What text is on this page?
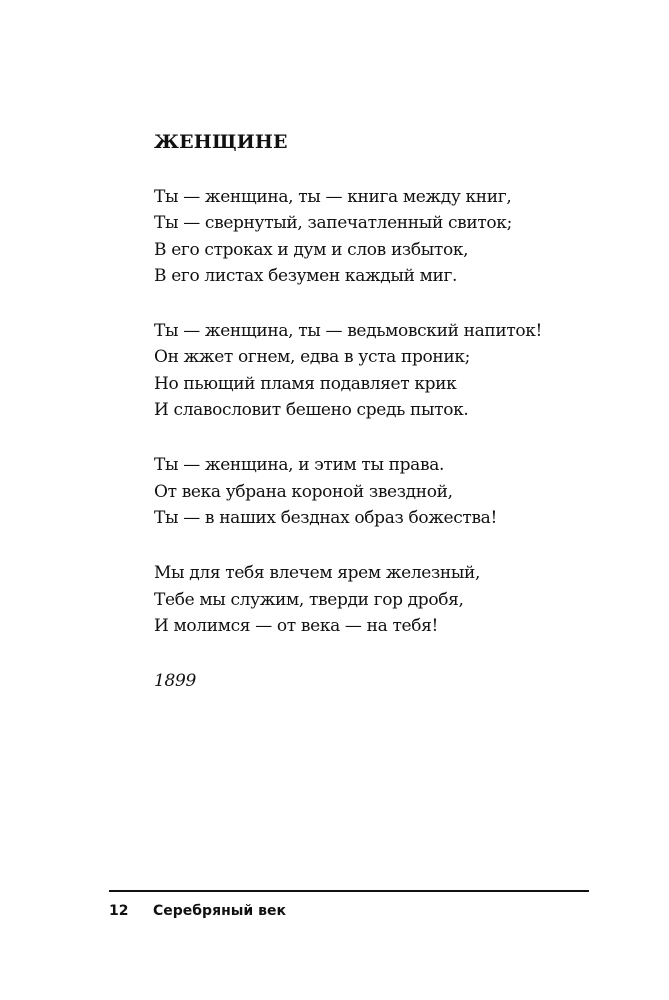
ЖЕНЩИНЕ
Ты — женщина, ты — книга между книг,
Ты — свернутый, запечатленный свиток;
В его строках и дум и слов избыток,
В его листах безумен каждый миг.
Ты — женщина, ты — ведьмовский напиток!
Он жжет огнем, едва в уста проник;
Но пьющий пламя подавляет крик
И славословит бешено средь пыток.
Ты — женщина, и этим ты права.
От века убрана короной звездной,
Ты — в наших безднах образ божества!
Мы для тебя влечем ярем железный,
Тебе мы служим, тверди гор дробя,
И молимся — от века — на тебя!
1899
12 Серебряный век
